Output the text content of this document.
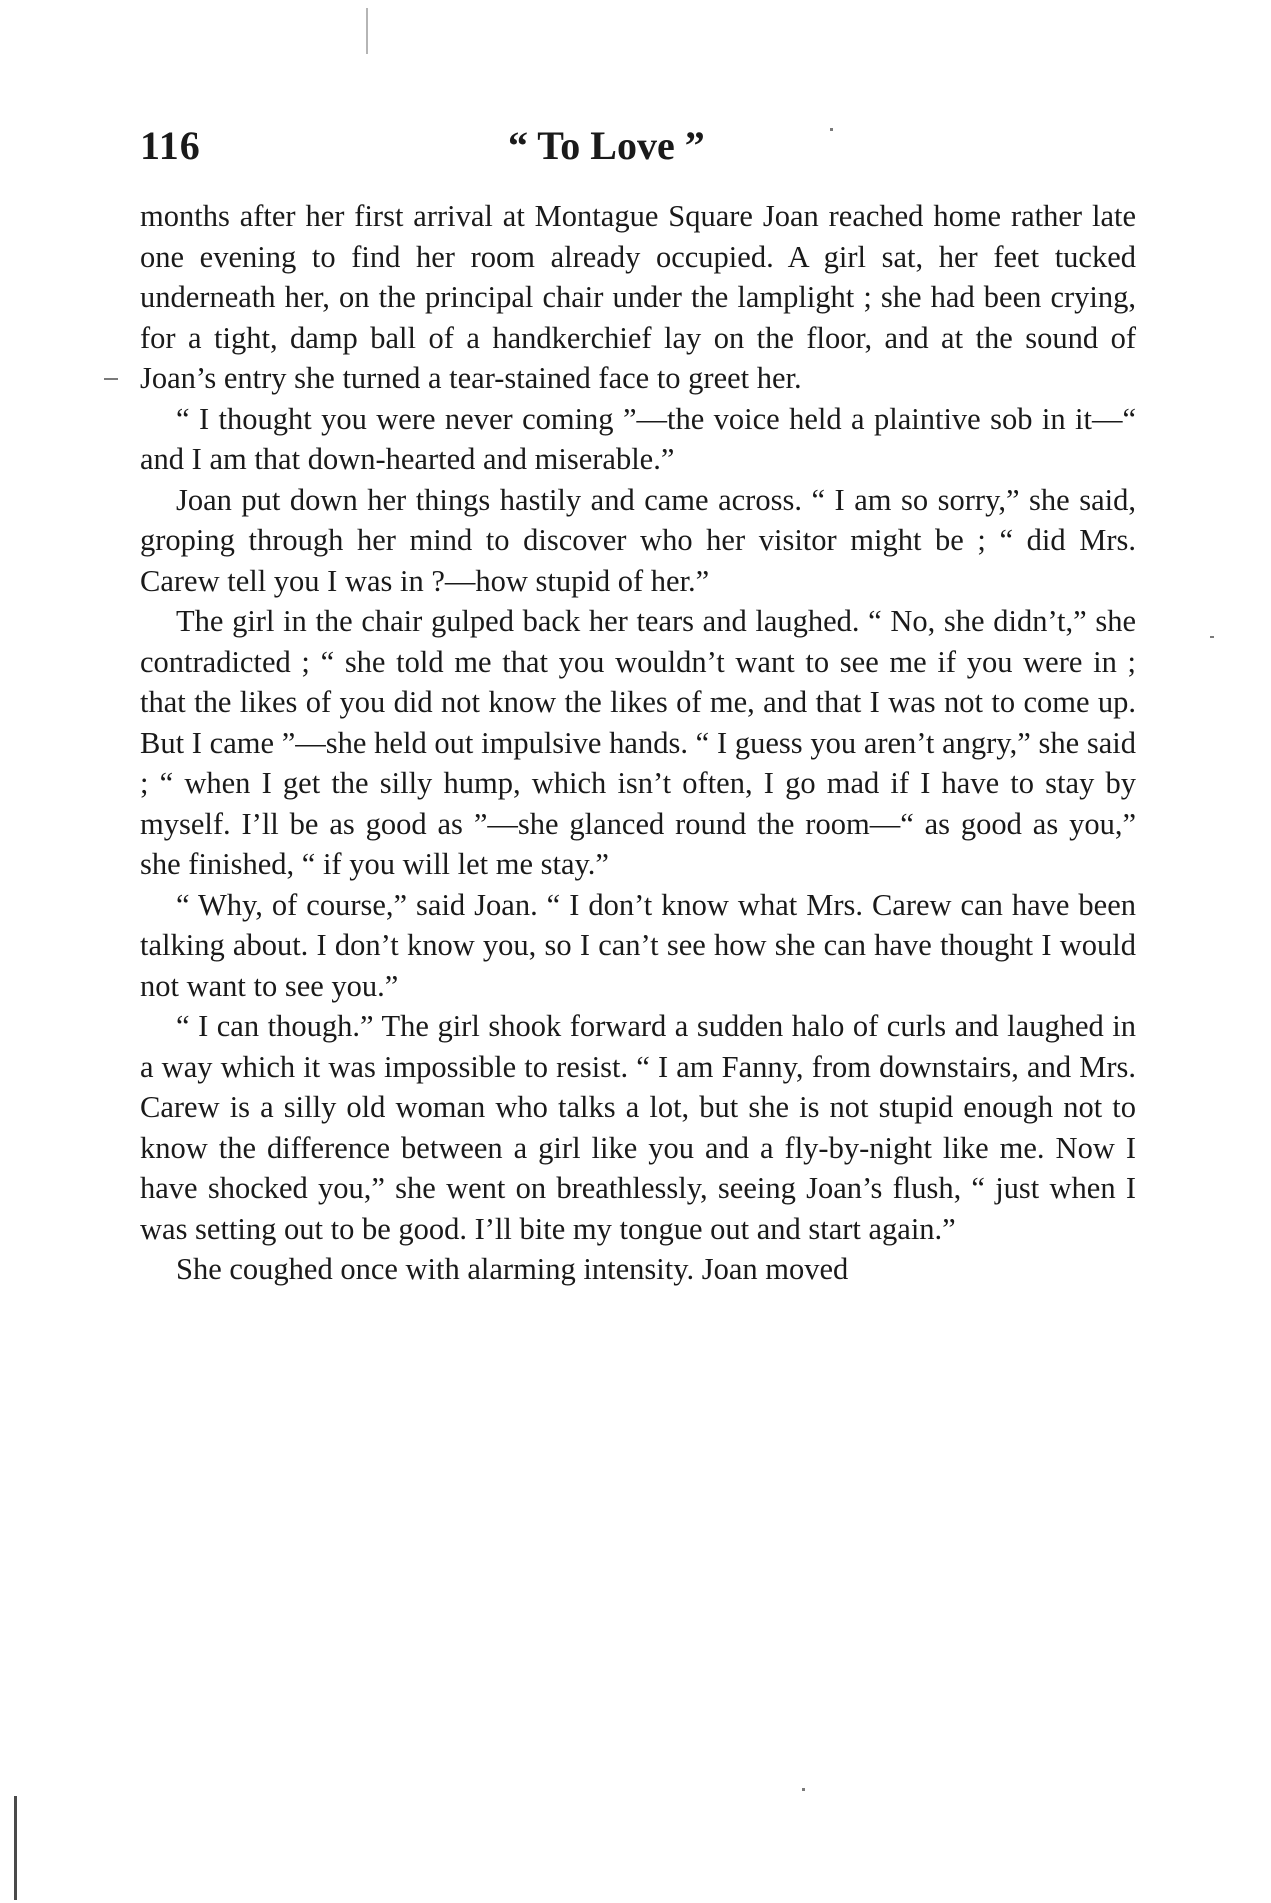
116	“ To Love ”

months after her first arrival at Montague Square Joan reached home rather late one evening to find her room already occupied. A girl sat, her feet tucked underneath her, on the principal chair under the lamplight ; she had been crying, for a tight, damp ball of a handkerchief lay on the floor, and at the sound of Joan’s entry she turned a tear-stained face to greet her.

“ I thought you were never coming ”—the voice held a plaintive sob in it—“ and I am that down-hearted and miserable.”

Joan put down her things hastily and came across. “ I am so sorry,” she said, groping through her mind to discover who her visitor might be ; “ did Mrs. Carew tell you I was in ?—how stupid of her.”

The girl in the chair gulped back her tears and laughed. “ No, she didn’t,” she contradicted ; “ she told me that you wouldn’t want to see me if you were in ; that the likes of you did not know the likes of me, and that I was not to come up. But I came ”—she held out impulsive hands. “ I guess you aren’t angry,” she said ; “ when I get the silly hump, which isn’t often, I go mad if I have to stay by myself. I’ll be as good as ”—she glanced round the room—“ as good as you,” she finished, “ if you will let me stay.”

“ Why, of course,” said Joan. “ I don’t know what Mrs. Carew can have been talking about. I don’t know you, so I can’t see how she can have thought I would not want to see you.”

“ I can though.” The girl shook forward a sudden halo of curls and laughed in a way which it was impossible to resist. “ I am Fanny, from downstairs, and Mrs. Carew is a silly old woman who talks a lot, but she is not stupid enough not to know the difference between a girl like you and a fly-by-night like me. Now I have shocked you,” she went on breathlessly, seeing Joan’s flush, “ just when I was setting out to be good. I’ll bite my tongue out and start again.”

She coughed once with alarming intensity. Joan moved
